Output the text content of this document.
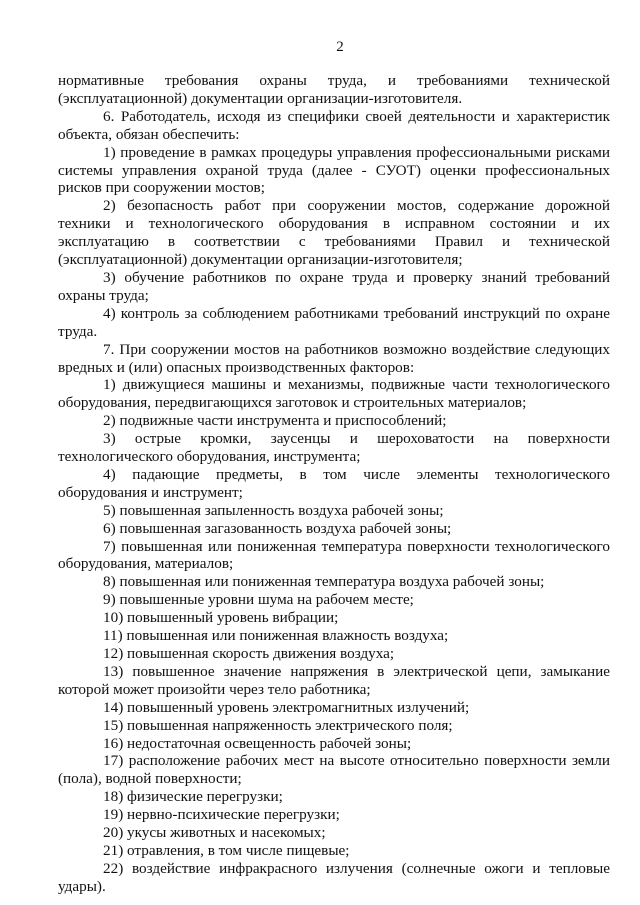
2

нормативные требования охраны труда, и требованиями технической (эксплуатационной) документации организации-изготовителя.

6. Работодатель, исходя из специфики своей деятельности и характеристик объекта, обязан обеспечить:

1) проведение в рамках процедуры управления профессиональными рисками системы управления охраной труда (далее - СУОТ) оценки профессиональных рисков при сооружении мостов;

2) безопасность работ при сооружении мостов, содержание дорожной техники и технологического оборудования в исправном состоянии и их эксплуатацию в соответствии с требованиями Правил и технической (эксплуатационной) документации организации-изготовителя;

3) обучение работников по охране труда и проверку знаний требований охраны труда;

4) контроль за соблюдением работниками требований инструкций по охране труда.

7. При сооружении мостов на работников возможно воздействие следующих вредных и (или) опасных производственных факторов:

1) движущиеся машины и механизмы, подвижные части технологического оборудования, передвигающихся заготовок и строительных материалов;

2) подвижные части инструмента и приспособлений;

3) острые кромки, заусенцы и шероховатости на поверхности технологического оборудования, инструмента;

4) падающие предметы, в том числе элементы технологического оборудования и инструмент;

5) повышенная запыленность воздуха рабочей зоны;

6) повышенная загазованность воздуха рабочей зоны;

7) повышенная или пониженная температура поверхности технологического оборудования, материалов;

8) повышенная или пониженная температура воздуха рабочей зоны;

9) повышенные уровни шума на рабочем месте;

10) повышенный уровень вибрации;

11) повышенная или пониженная влажность воздуха;

12) повышенная скорость движения воздуха;

13) повышенное значение напряжения в электрической цепи, замыкание которой может произойти через тело работника;

14) повышенный уровень электромагнитных излучений;

15) повышенная напряженность электрического поля;

16) недостаточная освещенность рабочей зоны;

17) расположение рабочих мест на высоте относительно поверхности земли (пола), водной поверхности;

18) физические перегрузки;

19) нервно-психические перегрузки;

20) укусы животных и насекомых;

21) отравления, в том числе пищевые;

22) воздействие инфракрасного излучения (солнечные ожоги и тепловые удары).
